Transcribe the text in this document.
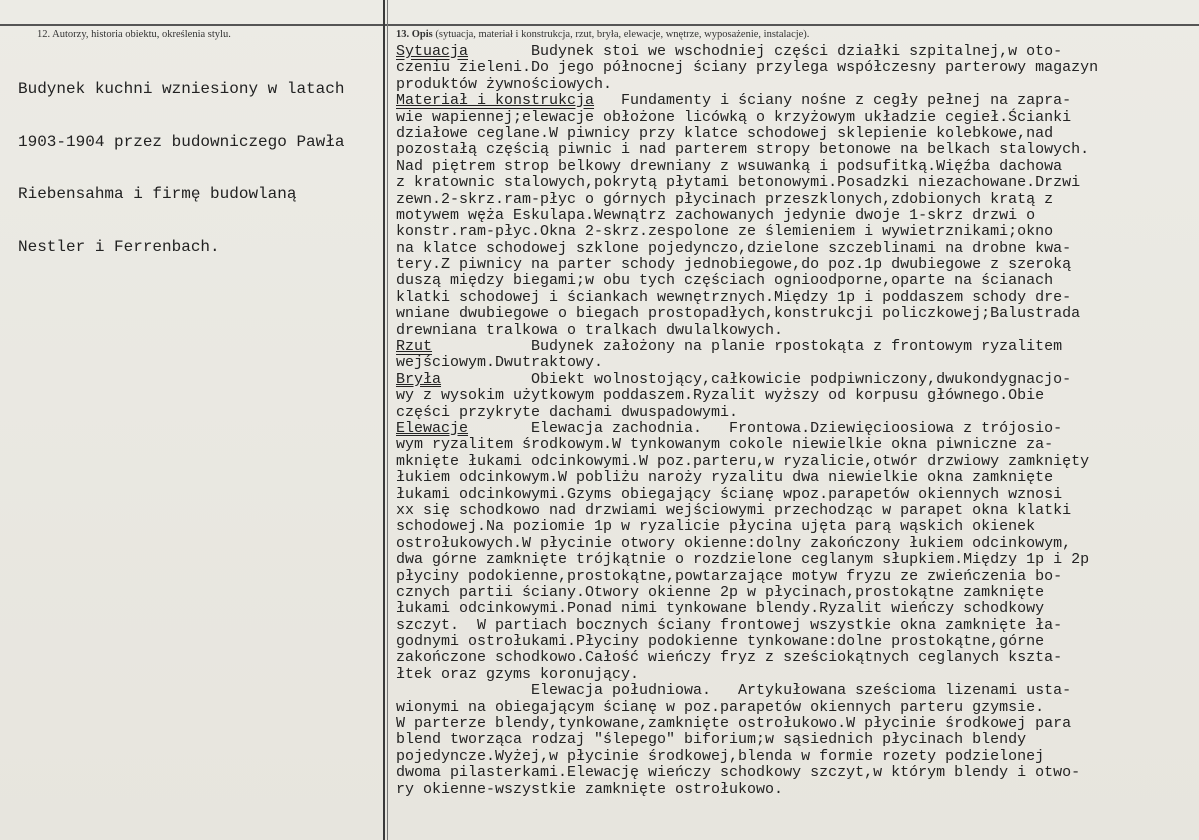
12. Autorzy, historia obiektu, określenia stylu.	13. Opis (sytuacja, materiał i konstrukcja, rzut, bryła, elewacje, wnętrze, wyposażenie, instalacje).

Budynek kuchni wzniesiony w latach

1903-1904 przez budowniczego Pawła

Riebensahma i firmę budowlaną

Nestler i Ferrenbach.

Sytuacja       Budynek stoi we wschodniej części działki szpitalnej,w oto-
czeniu zieleni.Do jego północnej ściany przylega współczesny parterowy magazyn
produktów żywnościowych.
Materiał i konstrukcja   Fundamenty i ściany nośne z cegły pełnej na zapra-
wie wapiennej;elewacje obłożone licówką o krzyżowym układzie cegieł.Ścianki
działowe ceglane.W piwnicy przy klatce schodowej sklepienie kolebkowe,nad
pozostałą częścią piwnic i nad parterem stropy betonowe na belkach stalowych.
Nad piętrem strop belkowy drewniany z wsuwanką i podsufitką.Więźba dachowa
z kratownic stalowych,pokrytą płytami betonowymi.Posadzki niezachowane.Drzwi
zewn.2-skrz.ram-płyc o górnych płycinach przeszklonych,zdobionych kratą z
motywem węża Eskulapa.Wewnątrz zachowanych jedynie dwoje 1-skrz drzwi o
konstr.ram-płyc.Okna 2-skrz.zespolone ze ślemieniem i wywietrznikami;okno
na klatce schodowej szklone pojedynczo,dzielone szczeblinami na drobne kwa-
tery.Z piwnicy na parter schody jednobiegowe,do poz.1p dwubiegowe z szeroką
duszą między biegami;w obu tych częściach ognioodporne,oparte na ścianach
klatki schodowej i ściankach wewnętrznych.Między 1p i poddaszem schody dre-
wniane dwubiegowe o biegach prostopadłych,konstrukcji policzkowej;Balustrada
drewniana tralkowa o tralkach dwulalkowych.
Rzut           Budynek założony na planie rpostokąta z frontowym ryzalitem
wejściowym.Dwutraktowy.
Bryła          Obiekt wolnostojący,całkowicie podpiwniczony,dwukondygnacjo-
wy z wysokim użytkowym poddaszem.Ryzalit wyższy od korpusu głównego.Obie
części przykryte dachami dwuspadowymi.
Elewacje       Elewacja zachodnia.   Frontowa.Dziewięcioosiowa z trójosio-
wym ryzalitem środkowym.W tynkowanym cokole niewielkie okna piwniczne za-
mknięte łukami odcinkowymi.W poz.parteru,w ryzalicie,otwór drzwiowy zamknięty
łukiem odcinkowym.W pobliżu naroży ryzalitu dwa niewielkie okna zamknięte
łukami odcinkowymi.Gzyms obiegający ścianę wpoz.parapetów okiennych wznosi
xx się schodkowo nad drzwiami wejściowymi przechodząc w parapet okna klatki
schodowej.Na poziomie 1p w ryzalicie płycina ujęta parą wąskich okienek
ostrołukowych.W płycinie otwory okienne:dolny zakończony łukiem odcinkowym,
dwa górne zamknięte trójkątnie o rozdzielone ceglanym słupkiem.Między 1p i 2p
płyciny podokienne,prostokątne,powtarzające motyw fryzu ze zwieńczenia bo-
cznych partii ściany.Otwory okienne 2p w płycinach,prostokątne zamknięte
łukami odcinkowymi.Ponad nimi tynkowane blendy.Ryzalit wieńczy schodkowy
szczyt.  W partiach bocznych ściany frontowej wszystkie okna zamknięte ła-
godnymi ostrołukami.Płyciny podokienne tynkowane:dolne prostokątne,górne
zakończone schodkowo.Całość wieńczy fryz z sześciokątnych ceglanych kszta-
łtek oraz gzyms koronujący.
Elewacja południowa.   Artykułowana sześcioma lizenami usta-
wionymi na obiegającym ścianę w poz.parapetów okiennych parteru gzymsie.
W parterze blendy,tynkowane,zamknięte ostrołukowo.W płycinie środkowej para
blend tworząca rodzaj "ślepego" biforium;w sąsiednich płycinach blendy
pojedyncze.Wyżej,w płycinie środkowej,blenda w formie rozety podzielonej
dwoma pilasterkami.Elewację wieńczy schodkowy szczyt,w którym blendy i otwo-
ry okienne-wszystkie zamknięte ostrołukowo.
